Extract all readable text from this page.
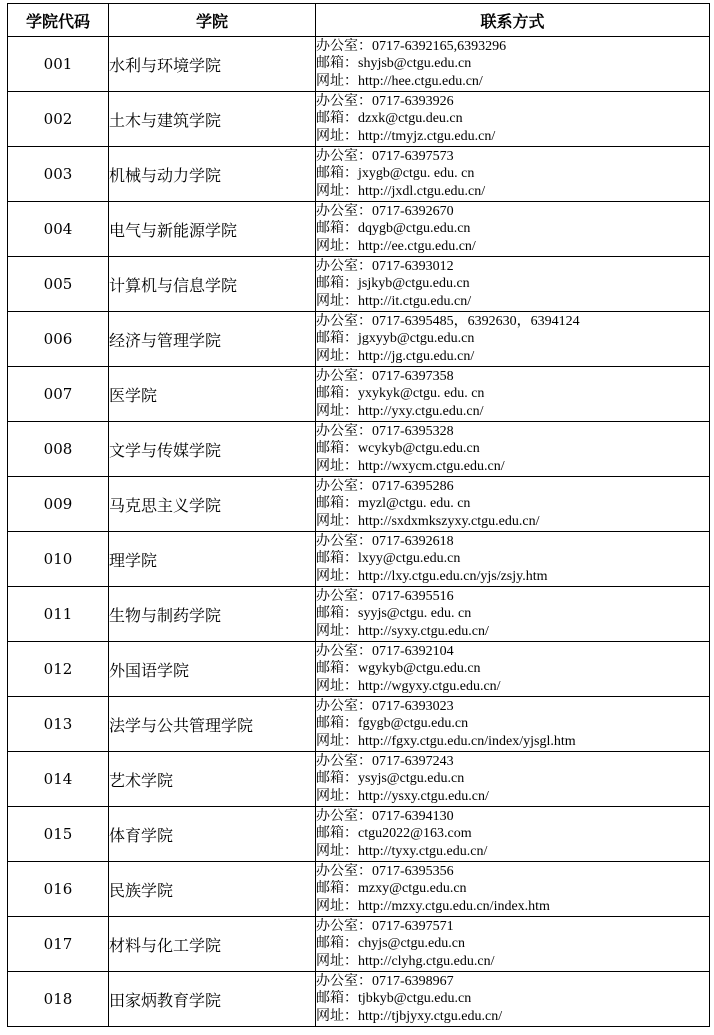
学院代码	学院	联系方式
001	水利与环境学院	办公室：0717-6392165,6393296
邮箱：shyjsb@ctgu.edu.cn
网址：http://hee.ctgu.edu.cn/

002	土木与建筑学院	办公室：0717-6393926
邮箱：dzxk@ctgu.deu.cn
网址：http://tmyjz.ctgu.edu.cn/

003	机械与动力学院	办公室：0717-6397573
邮箱：jxygb@ctgu. edu. cn
网址：http://jxdl.ctgu.edu.cn/

004	电气与新能源学院	办公室：0717-6392670
邮箱：dqygb@ctgu.edu.cn
网址：http://ee.ctgu.edu.cn/

005	计算机与信息学院	办公室：0717-6393012
邮箱：jsjkyb@ctgu.edu.cn
网址：http://it.ctgu.edu.cn/

006	经济与管理学院	办公室：0717-6395485，6392630，6394124
邮箱：jgxyyb@ctgu.edu.cn
网址：http://jg.ctgu.edu.cn/

007	医学院	办公室：0717-6397358
邮箱：yxykyk@ctgu. edu. cn
网址：http://yxy.ctgu.edu.cn/

008	文学与传媒学院	办公室：0717-6395328
邮箱：wcykyb@ctgu.edu.cn
网址：http://wxycm.ctgu.edu.cn/

009	马克思主义学院	办公室：0717-6395286
邮箱：myzl@ctgu. edu. cn
网址：http://sxdxmkszyxy.ctgu.edu.cn/

010	理学院	办公室：0717-6392618
邮箱：lxyy@ctgu.edu.cn
网址：http://lxy.ctgu.edu.cn/yjs/zsjy.htm

011	生物与制药学院	办公室：0717-6395516
邮箱：syyjs@ctgu. edu. cn
网址：http://syxy.ctgu.edu.cn/

012	外国语学院	办公室：0717-6392104
邮箱：wgykyb@ctgu.edu.cn
网址：http://wgyxy.ctgu.edu.cn/

013	法学与公共管理学院	办公室：0717-6393023
邮箱：fgygb@ctgu.edu.cn
网址：http://fgxy.ctgu.edu.cn/index/yjsgl.htm

014	艺术学院	办公室：0717-6397243
邮箱：ysyjs@ctgu.edu.cn
网址：http://ysxy.ctgu.edu.cn/

015	体育学院	办公室：0717-6394130
邮箱：ctgu2022@163.com
网址：http://tyxy.ctgu.edu.cn/

016	民族学院	办公室：0717-6395356
邮箱：mzxy@ctgu.edu.cn
网址：http://mzxy.ctgu.edu.cn/index.htm

017	材料与化工学院	办公室：0717-6397571
邮箱：chyjs@ctgu.edu.cn
网址：http://clyhg.ctgu.edu.cn/

018	田家炳教育学院	办公室：0717-6398967
邮箱：tjbkyb@ctgu.edu.cn
网址：http://tjbjyxy.ctgu.edu.cn/
